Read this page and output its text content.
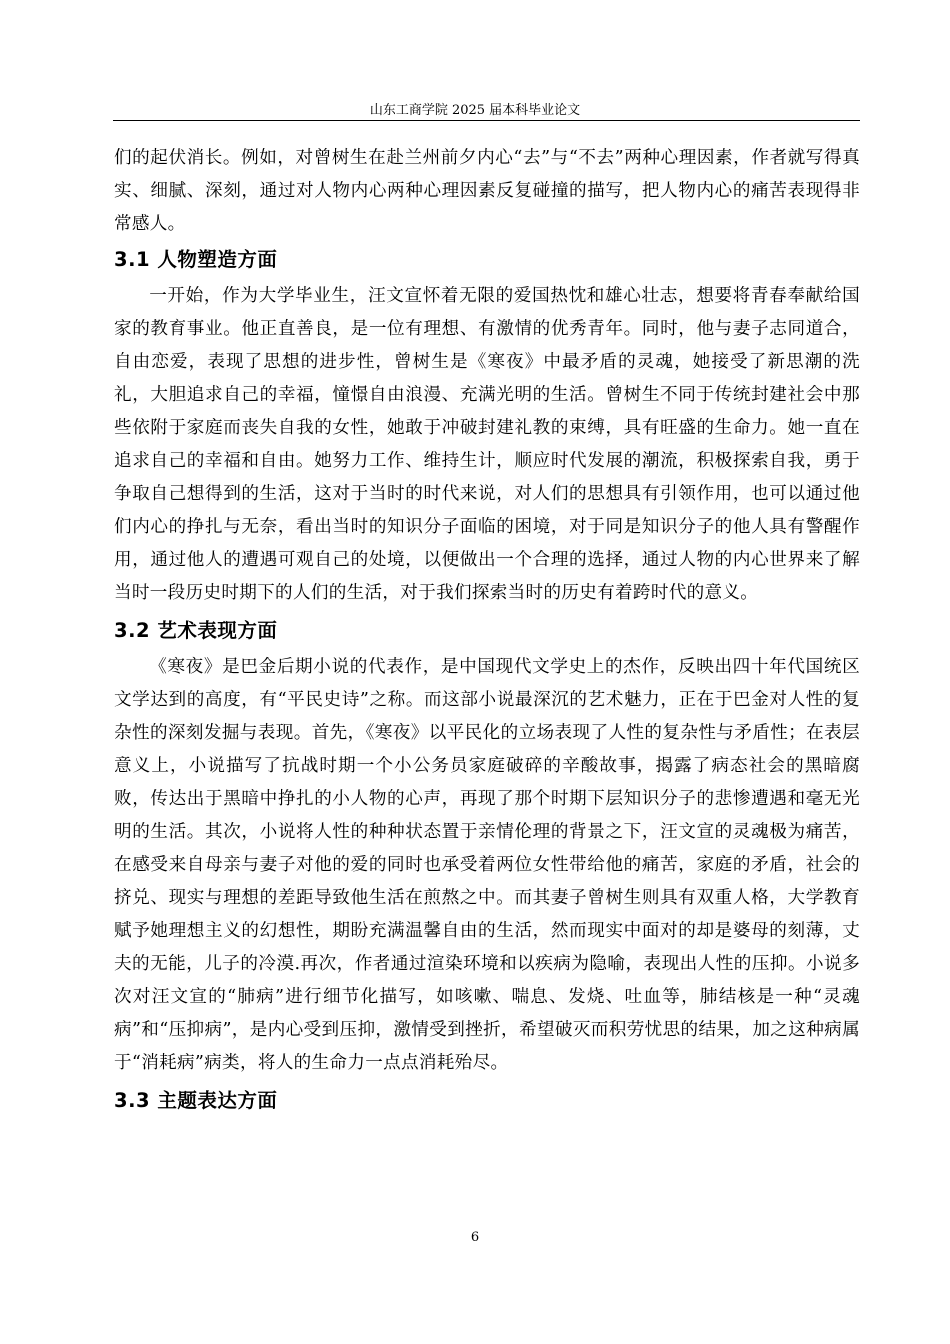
山东工商学院 2025 届本科毕业论文

们的起伏消长。例如，对曾树生在赴兰州前夕内心“去”与“不去”两种心理因素，作者就写得真实、细腻、深刻，通过对人物内心两种心理因素反复碰撞的描写，把人物内心的痛苦表现得非常感人。

3.1 人物塑造方面

一开始，作为大学毕业生，汪文宣怀着无限的爱国热忱和雄心壮志，想要将青春奉献给国家的教育事业。他正直善良，是一位有理想、有激情的优秀青年。同时，他与妻子志同道合，自由恋爱，表现了思想的进步性，曾树生是《寒夜》中最矛盾的灵魂，她接受了新思潮的洗礼，大胆追求自己的幸福，憧憬自由浪漫、充满光明的生活。曾树生不同于传统封建社会中那些依附于家庭而丧失自我的女性，她敢于冲破封建礼教的束缚，具有旺盛的生命力。她一直在追求自己的幸福和自由。她努力工作、维持生计，顺应时代发展的潮流，积极探索自我，勇于争取自己想得到的生活，这对于当时的时代来说，对人们的思想具有引领作用，也可以通过他们内心的挣扎与无奈，看出当时的知识分子面临的困境，对于同是知识分子的他人具有警醒作用，通过他人的遭遇可观自己的处境，以便做出一个合理的选择，通过人物的内心世界来了解当时一段历史时期下的人们的生活，对于我们探索当时的历史有着跨时代的意义。

3.2 艺术表现方面

《寒夜》是巴金后期小说的代表作，是中国现代文学史上的杰作，反映出四十年代国统区文学达到的高度，有“平民史诗”之称。而这部小说最深沉的艺术魅力，正在于巴金对人性的复杂性的深刻发掘与表现。首先，《寒夜》以平民化的立场表现了人性的复杂性与矛盾性；在表层意义上，小说描写了抗战时期一个小公务员家庭破碎的辛酸故事，揭露了病态社会的黑暗腐败，传达出于黑暗中挣扎的小人物的心声，再现了那个时期下层知识分子的悲惨遭遇和毫无光明的生活。其次，小说将人性的种种状态置于亲情伦理的背景之下，汪文宣的灵魂极为痛苦，在感受来自母亲与妻子对他的爱的同时也承受着两位女性带给他的痛苦，家庭的矛盾，社会的挤兑、现实与理想的差距导致他生活在煎熬之中。而其妻子曾树生则具有双重人格，大学教育赋予她理想主义的幻想性，期盼充满温馨自由的生活，然而现实中面对的却是婆母的刻薄，丈夫的无能，儿子的冷漠.再次，作者通过渲染环境和以疾病为隐喻，表现出人性的压抑。小说多次对汪文宣的“肺病”进行细节化描写，如咳嗽、喘息、发烧、吐血等，肺结核是一种“灵魂病”和“压抑病”，是内心受到压抑，激情受到挫折，希望破灭而积劳忧思的结果，加之这种病属于“消耗病”病类，将人的生命力一点点消耗殆尽。

3.3 主题表达方面
6
